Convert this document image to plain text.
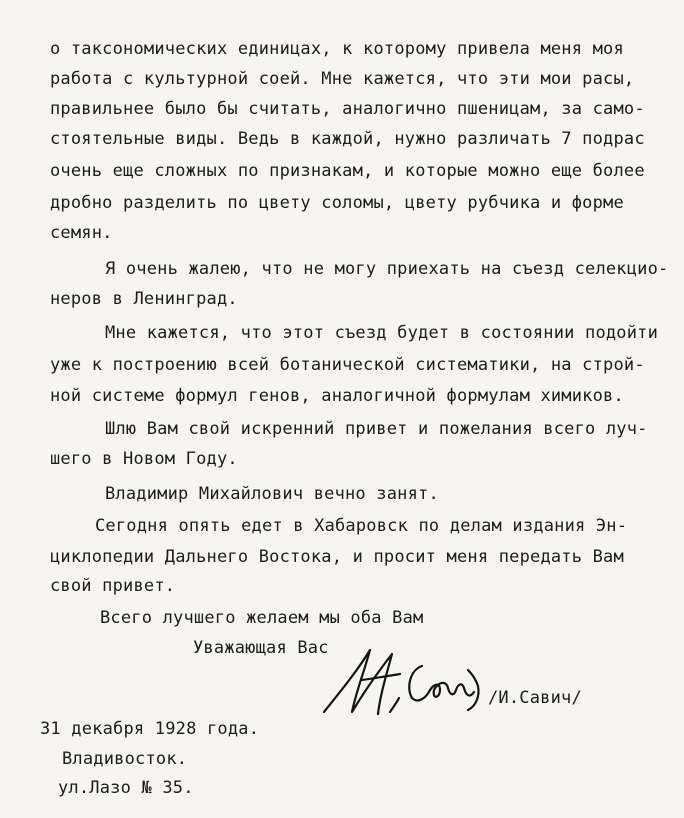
о таксономических единицах, к которому привела меня моя

работа с культурной соей. Мне кажется, что эти мои расы,

правильнее было бы считать, аналогично пшеницам, за само-

стоятельные виды. Ведь в каждой, нужно различать 7 подрас

очень еще сложных по признакам, и которые можно еще более

дробно разделить по цвету соломы, цвету рубчика и форме

семян.

Я очень жалею, что не могу приехать на съезд селекцио-

неров в Ленинград.

Мне кажется, что этот съезд будет в состоянии подойти

уже к построению всей ботанической систематики, на строй-

ной системе формул генов, аналогичной формулам химиков.

Шлю Вам свой искренний привет и пожелания всего луч-

шего в Новом Году.

Владимир Михайлович вечно занят.

Сегодня опять едет в Хабаровск по делам издания Эн-

циклопедии Дальнего Востока, и просит меня передать Вам

свой привет.

Всего лучшего желаем мы оба Вам

Уважающая Вас

/И.Савич/

31 декабря 1928 года.

Владивосток.

ул.Лазо № 35.
